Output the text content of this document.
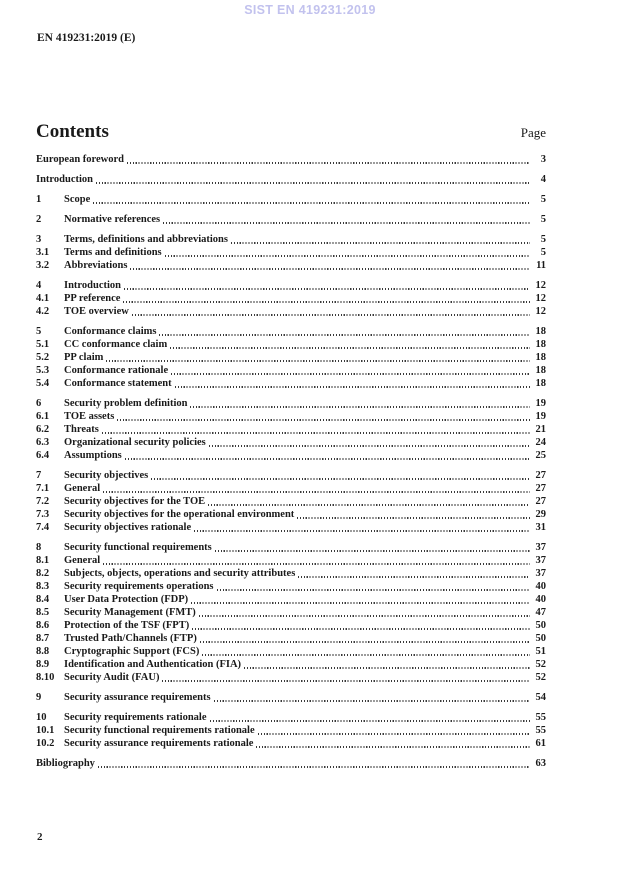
SIST EN 419231:2019
EN 419231:2019 (E)
Contents	Page
European foreword	3
Introduction	4
1	Scope	5
2	Normative references	5
3	Terms, definitions and abbreviations	5
3.1	Terms and definitions	5
3.2	Abbreviations	11
4	Introduction	12
4.1	PP reference	12
4.2	TOE overview	12
5	Conformance claims	18
5.1	CC conformance claim	18
5.2	PP claim	18
5.3	Conformance rationale	18
5.4	Conformance statement	18
6	Security problem definition	19
6.1	TOE assets	19
6.2	Threats	21
6.3	Organizational security policies	24
6.4	Assumptions	25
7	Security objectives	27
7.1	General	27
7.2	Security objectives for the TOE	27
7.3	Security objectives for the operational environment	29
7.4	Security objectives rationale	31
8	Security functional requirements	37
8.1	General	37
8.2	Subjects, objects, operations and security attributes	37
8.3	Security requirements operations	40
8.4	User Data Protection (FDP)	40
8.5	Security Management (FMT)	47
8.6	Protection of the TSF (FPT)	50
8.7	Trusted Path/Channels (FTP)	50
8.8	Cryptographic Support (FCS)	51
8.9	Identification and Authentication (FIA)	52
8.10 Security Audit (FAU)	52
9	Security assurance requirements	54
10	Security requirements rationale	55
10.1 Security functional requirements rationale	55
10.2 Security assurance requirements rationale	61
Bibliography	63
2
